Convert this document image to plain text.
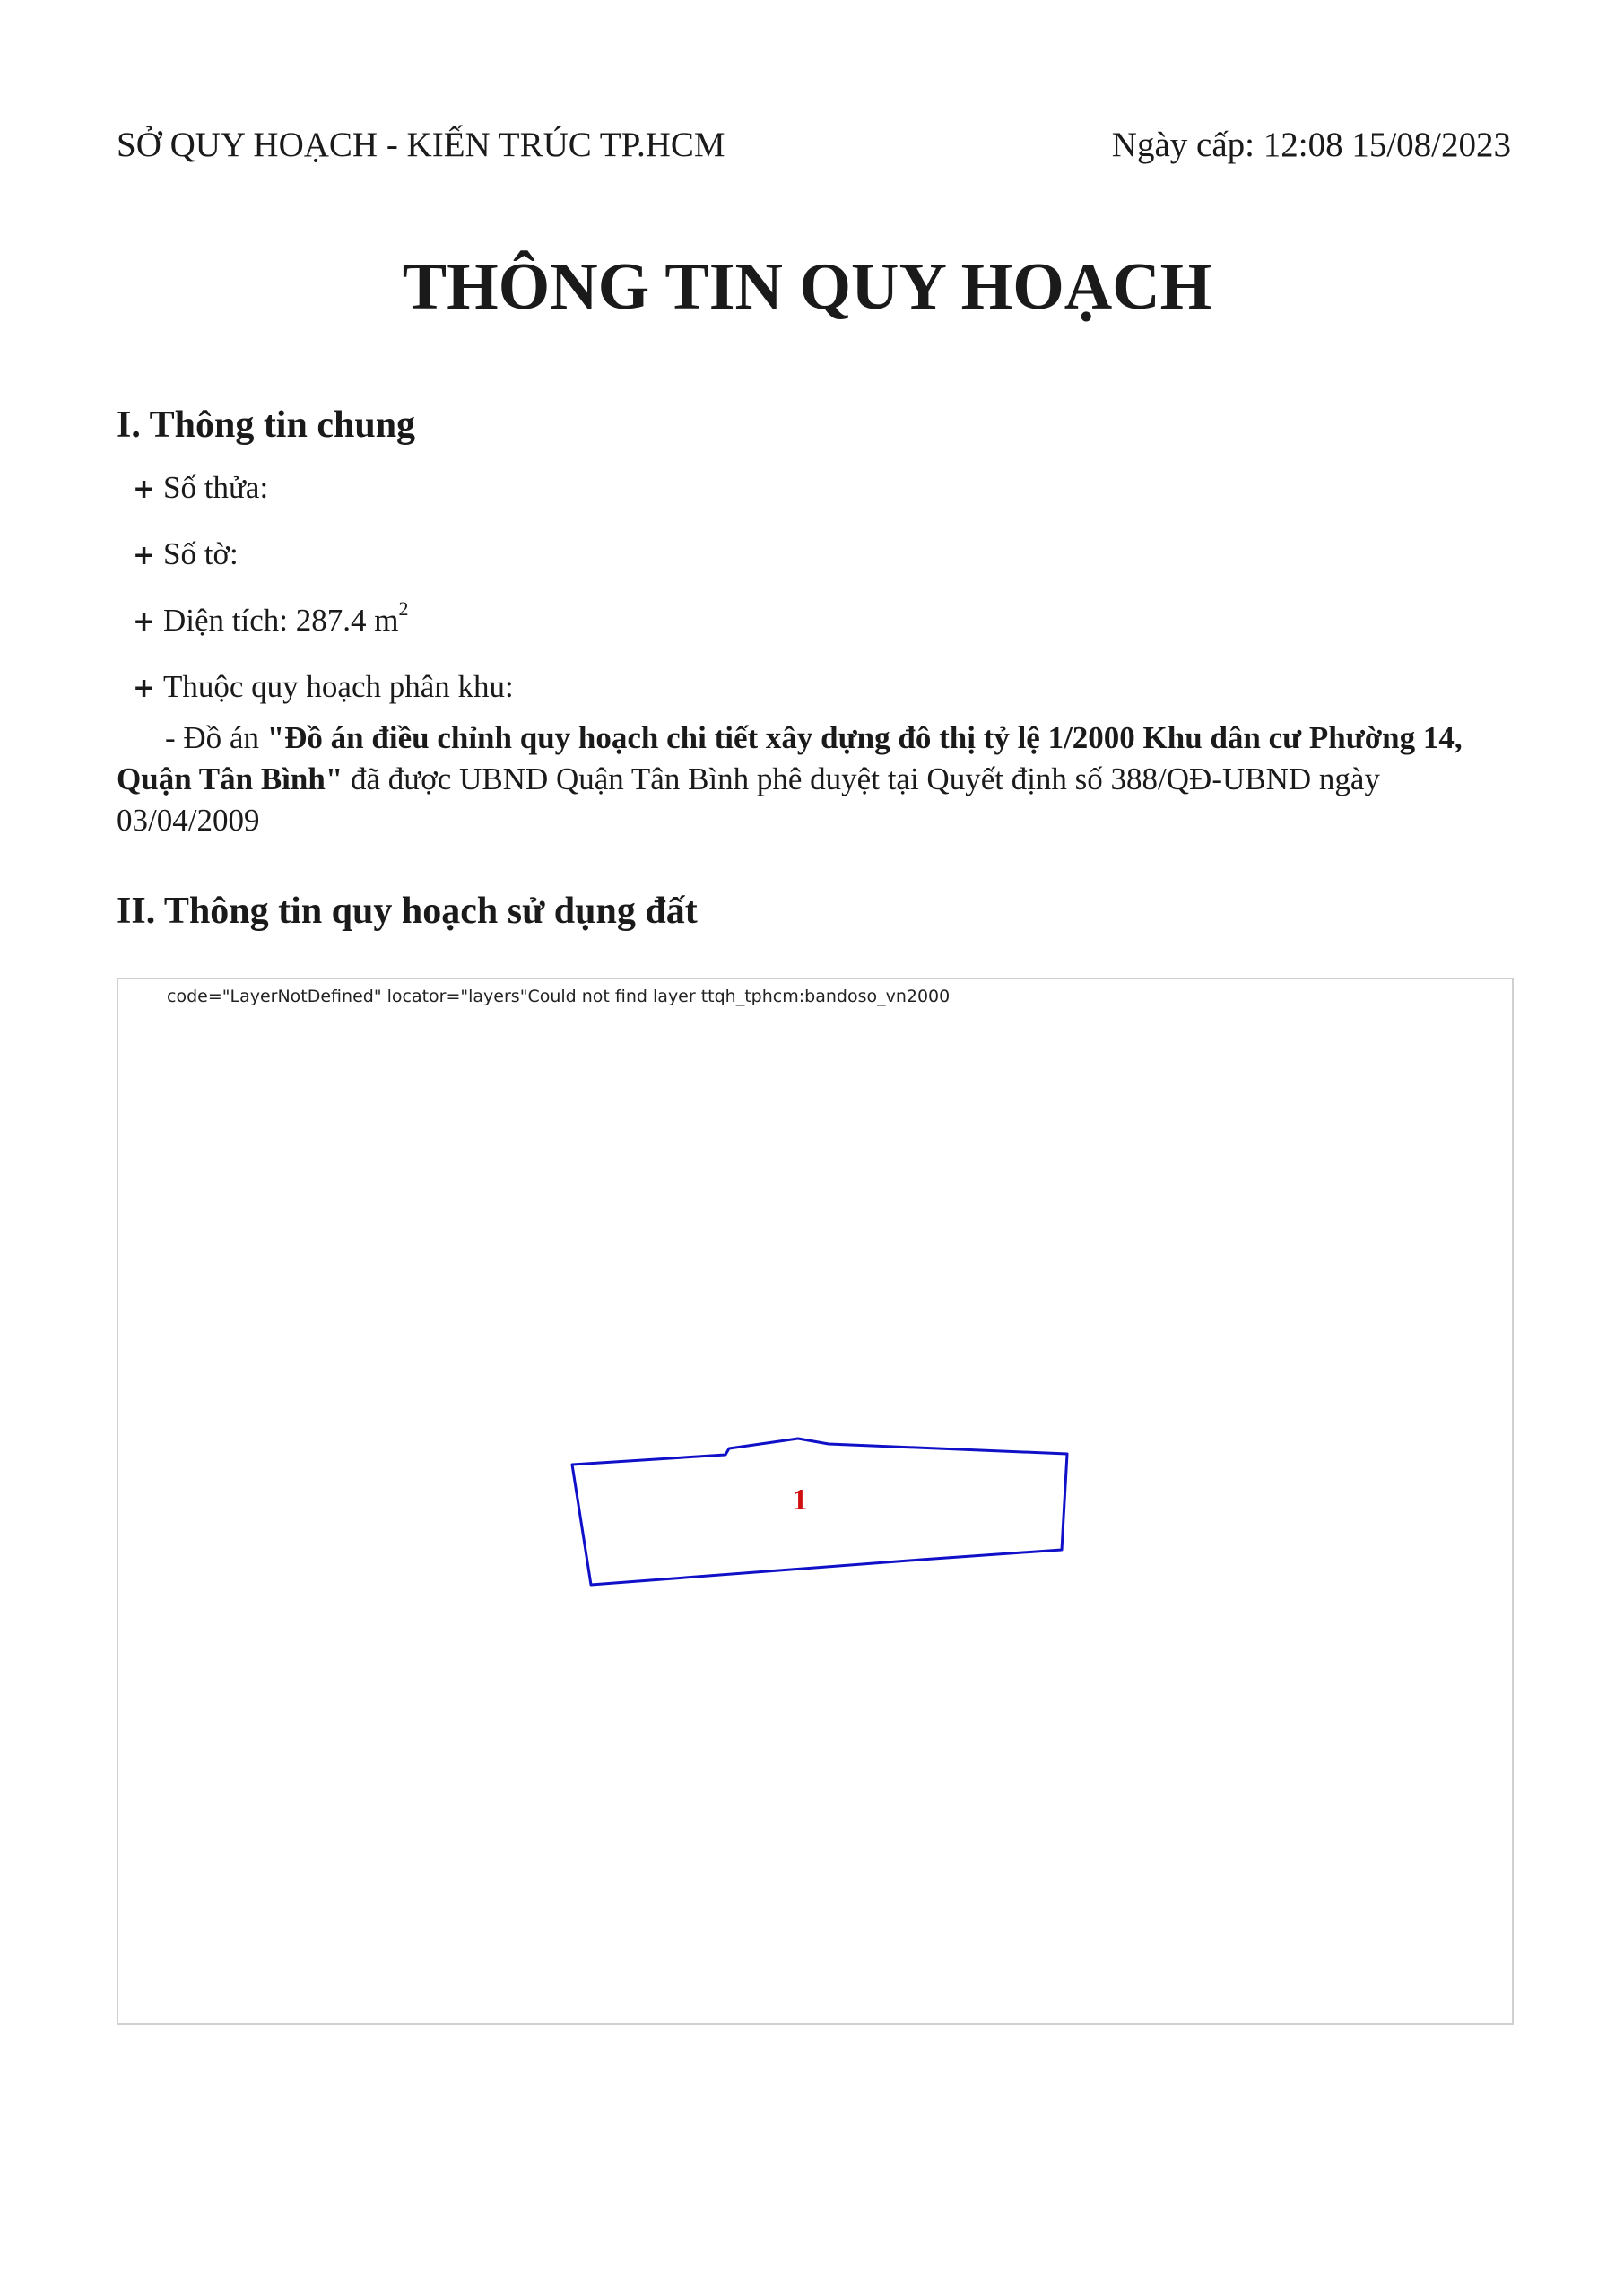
SỞ QUY HOẠCH - KIẾN TRÚC TP.HCM	Ngày cấp: 12:08 15/08/2023
THÔNG TIN QUY HOẠCH
I. Thông tin chung
+ Số thửa:
+ Số tờ:
+ Diện tích: 287.4 $m^2$
+ Thuộc quy hoạch phân khu:
- Đồ án "Đồ án điều chỉnh quy hoạch chi tiết xây dựng đô thị tỷ lệ 1/2000 Khu dân cư Phường 14, Quận Tân Bình" đã được UBND Quận Tân Bình phê duyệt tại Quyết định số 388/QĐ-UBND ngày 03/04/2009
II. Thông tin quy hoạch sử dụng đất
code="LayerNotDefined" locator="layers"Could not find layer ttqh_tphcm:bandoso_vn2000
1
